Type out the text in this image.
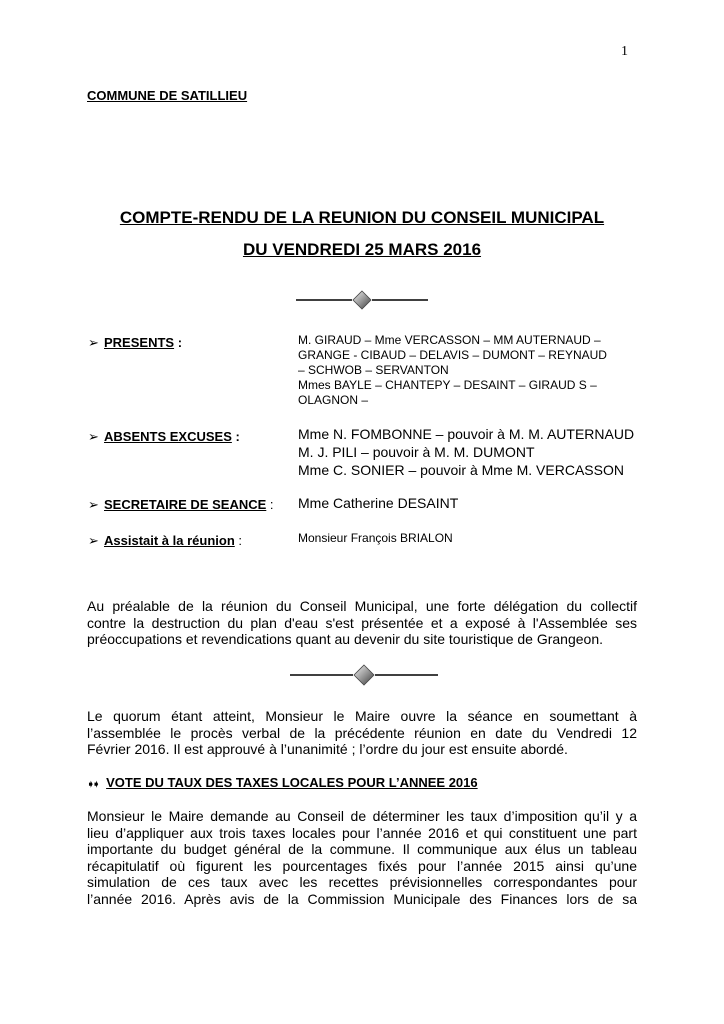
1
COMMUNE DE SATILLIEU
COMPTE-RENDU DE LA REUNION DU CONSEIL MUNICIPAL
DU VENDREDI 25 MARS 2016
➢ PRESENTS :	M. GIRAUD – Mme VERCASSON – MM AUTERNAUD –
GRANGE - CIBAUD – DELAVIS – DUMONT – REYNAUD
– SCHWOB – SERVANTON
Mmes BAYLE – CHANTEPY – DESAINT – GIRAUD S –
OLAGNON –
➢ ABSENTS EXCUSES :	Mme N. FOMBONNE – pouvoir à M. M. AUTERNAUD
M. J. PILI – pouvoir à M. M. DUMONT
Mme C. SONIER – pouvoir à Mme M. VERCASSON
➢ SECRETAIRE DE SEANCE : Mme Catherine DESAINT
➢ Assistait à la réunion :	Monsieur François BRIALON
Au préalable de la réunion du Conseil Municipal, une forte délégation du collectif
contre la destruction du plan d'eau s'est présentée et a exposé à l'Assemblée ses
préoccupations et revendications quant au devenir du site touristique de Grangeon.
Le quorum étant atteint, Monsieur le Maire ouvre la séance en soumettant à
l’assemblée le procès verbal de la précédente réunion en date du Vendredi 12
Février 2016. Il est approuvé à l’unanimité ; l’ordre du jour est ensuite abordé.
➧➧ VOTE DU TAUX DES TAXES LOCALES POUR L’ANNEE 2016
Monsieur le Maire demande au Conseil de déterminer les taux d’imposition qu’il y a
lieu d’appliquer aux trois taxes locales pour l’année 2016 et qui constituent une part
importante du budget général de la commune. Il communique aux élus un tableau
récapitulatif où figurent les pourcentages fixés pour l’année 2015 ainsi qu’une
simulation de ces taux avec les recettes prévisionnelles correspondantes pour
l’année 2016. Après avis de la Commission Municipale des Finances lors de sa
